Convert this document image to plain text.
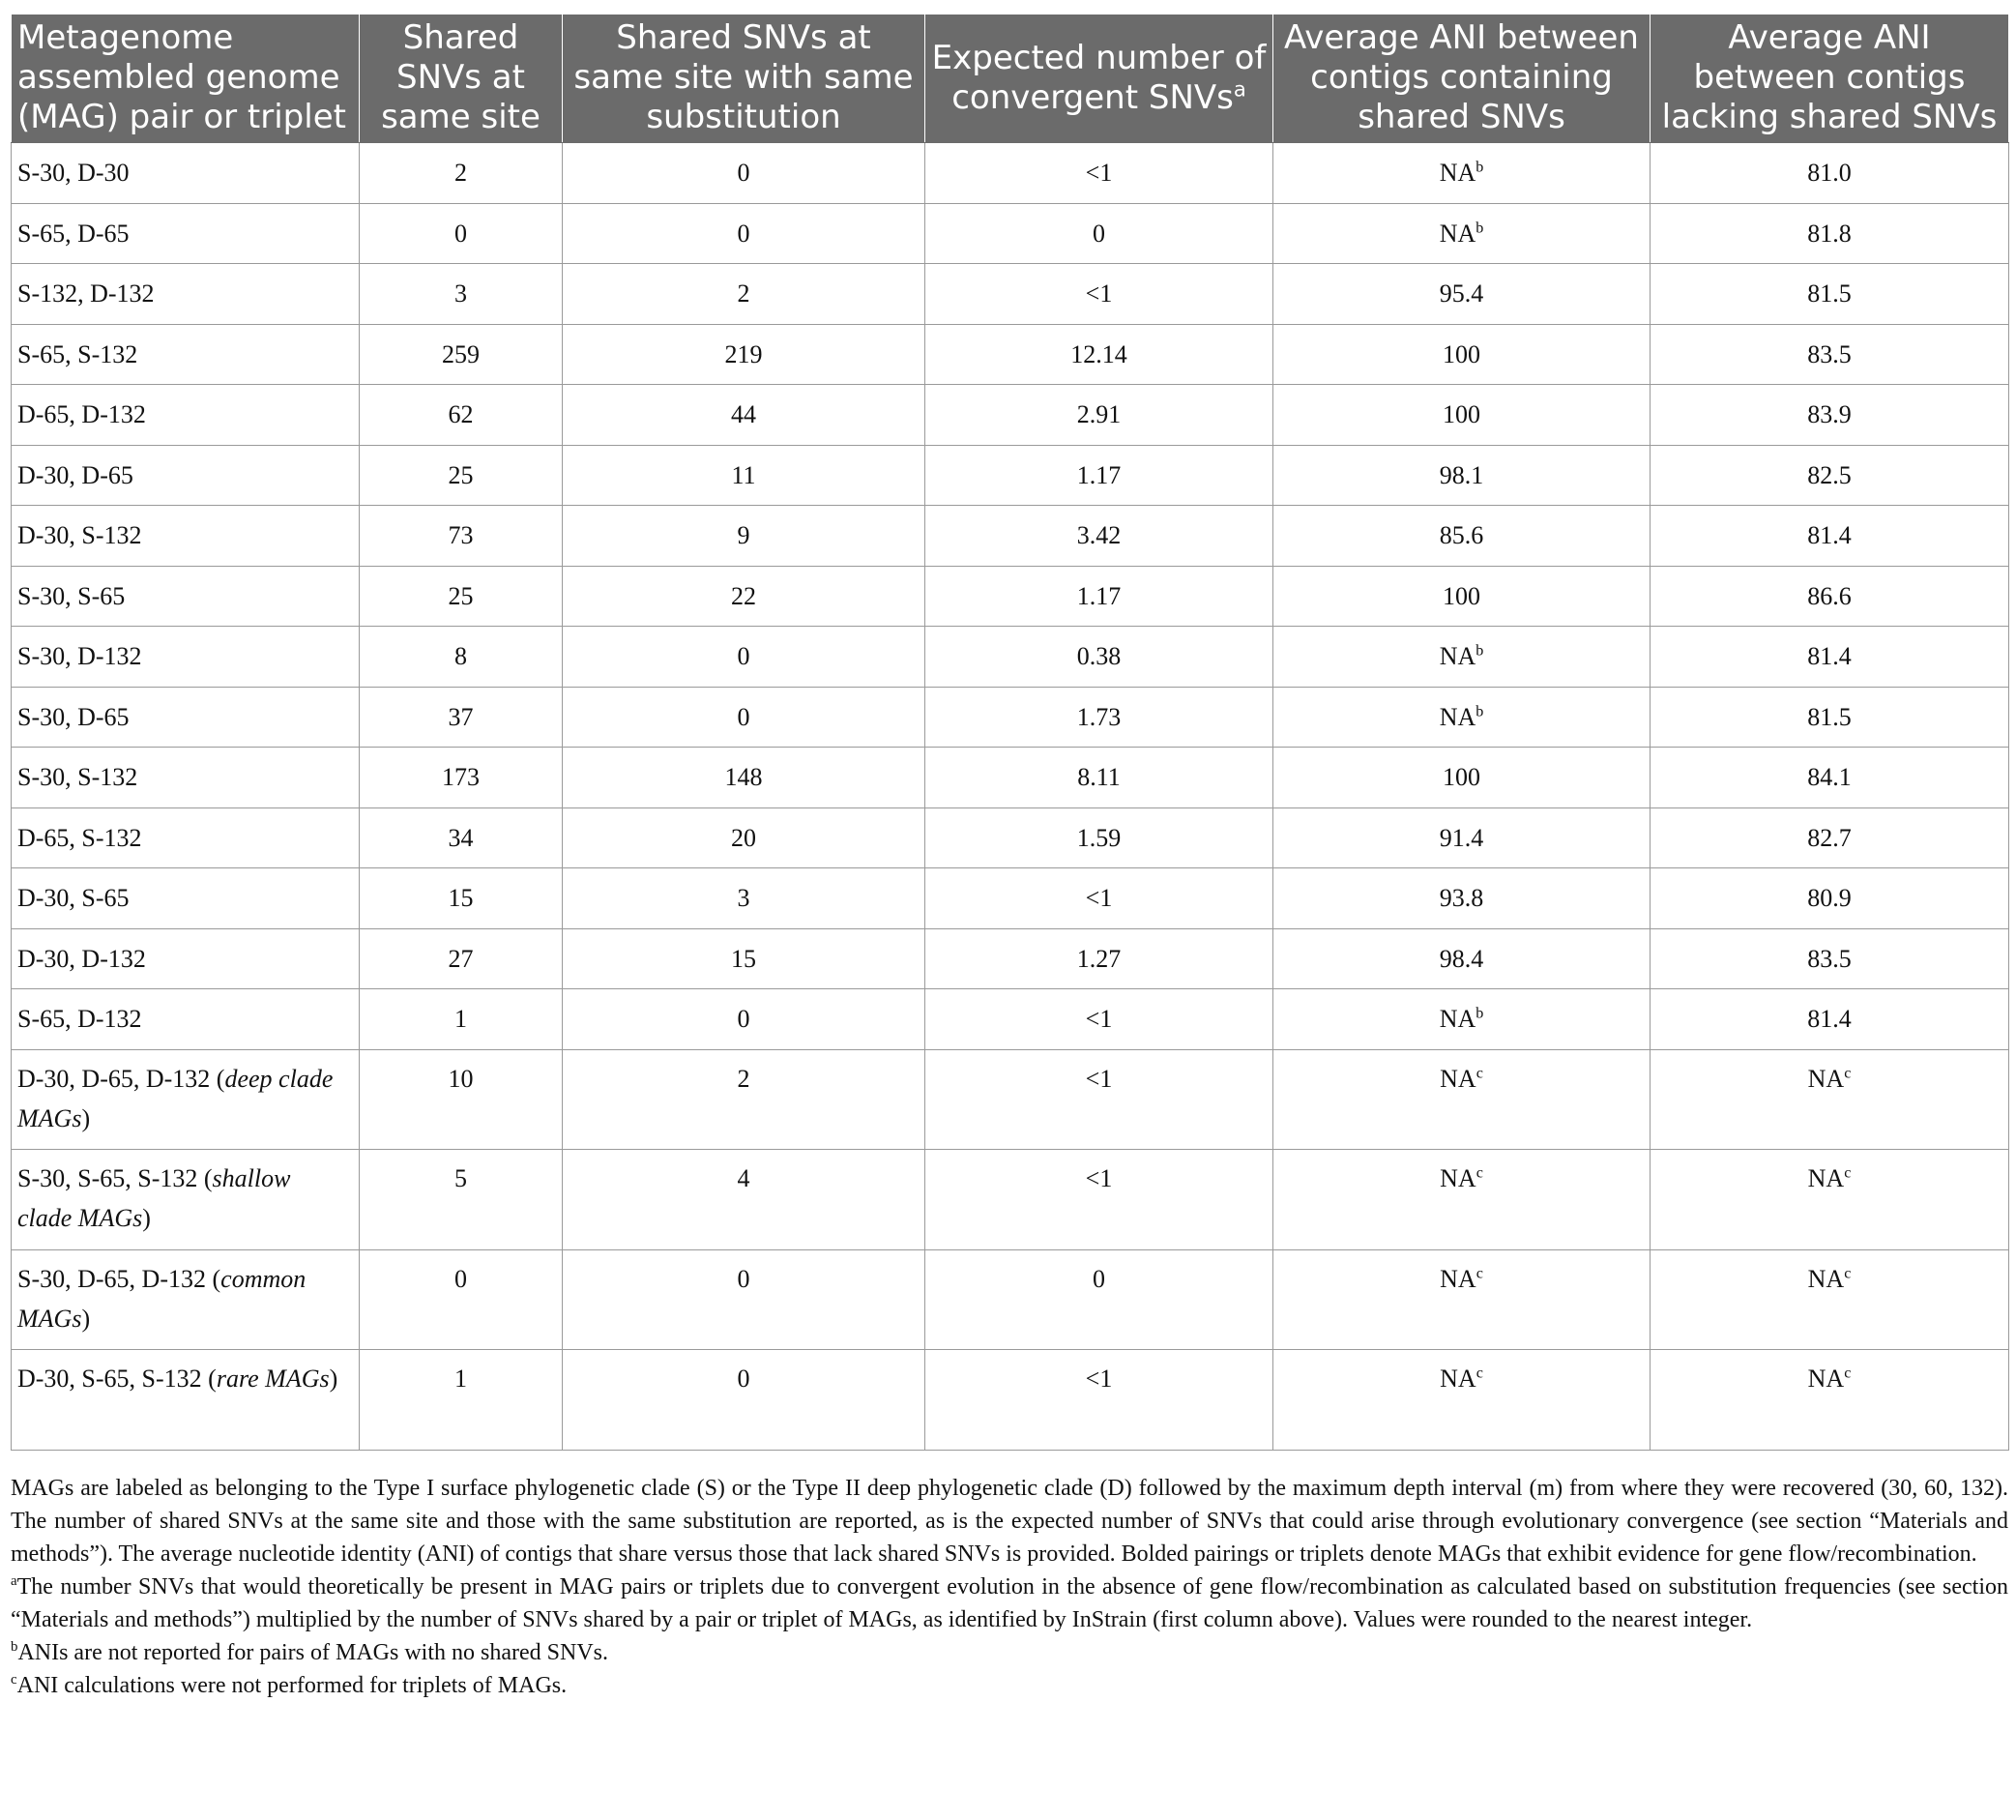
Metagenome assembled genome (MAG) pair or triplet	Shared SNVs at same site	Shared SNVs at same site with same substitution	Expected number of convergent SNVs$^a$	Average ANI between contigs containing shared SNVs	Average ANI between contigs lacking shared SNVs
S-30, D-30	2	0	<1	$NA^b$	81.0
S-65, D-65	0	0	0	$NA^b$	81.8
S-132, D-132	3	2	<1	95.4	81.5
S-65, S-132	259	219	12.14	100	83.5
D-65, D-132	62	44	2.91	100	83.9
D-30, D-65	25	11	1.17	98.1	82.5
D-30, S-132	73	9	3.42	85.6	81.4
S-30, S-65	25	22	1.17	100	86.6
S-30, D-132	8	0	0.38	$NA^b$	81.4
S-30, D-65	37	0	1.73	$NA^b$	81.5
S-30, S-132	173	148	8.11	100	84.1
D-65, S-132	34	20	1.59	91.4	82.7
D-30, S-65	15	3	<1	93.8	80.9
D-30, D-132	27	15	1.27	98.4	83.5
S-65, D-132	1	0	<1	$NA^b$	81.4
D-30, D-65, D-132 (deep clade MAGs)	10	2	<1	$NA^c$	$NA^c$
S-30, S-65, S-132 (shallow clade MAGs)	5	4	<1	$NA^c$	$NA^c$
S-30, D-65, D-132 (common MAGs)	0	0	0	$NA^c$	$NA^c$
D-30, S-65, S-132 (rare MAGs)	1	0	<1	$NA^c$	$NA^c$

MAGs are labeled as belonging to the Type I surface phylogenetic clade (S) or the Type II deep phylogenetic clade (D) followed by the maximum depth interval (m) from where they were recovered (30, 60, 132). The number of shared SNVs at the same site and those with the same substitution are reported, as is the expected number of SNVs that could arise through evolutionary convergence (see section “Materials and methods”). The average nucleotide identity (ANI) of contigs that share versus those that lack shared SNVs is provided. Bolded pairings or triplets denote MAGs that exhibit evidence for gene flow/recombination.

$^a$The number SNVs that would theoretically be present in MAG pairs or triplets due to convergent evolution in the absence of gene flow/recombination as calculated based on substitution frequencies (see section “Materials and methods”) multiplied by the number of SNVs shared by a pair or triplet of MAGs, as identified by InStrain (first column above). Values were rounded to the nearest integer.

$^b$ANIs are not reported for pairs of MAGs with no shared SNVs.

$^c$ANI calculations were not performed for triplets of MAGs.
